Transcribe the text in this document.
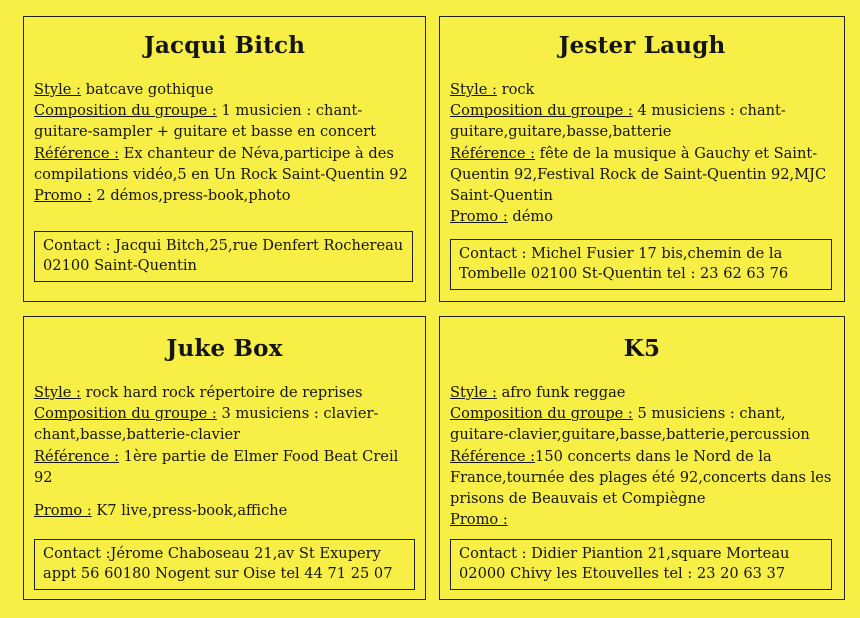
Jacqui Bitch

Style : batcave gothique

Composition du groupe : 1 musicien : chant-guitare-sampler + guitare et basse en concert

Référence : Ex chanteur de Néva,participe à des compilations vidéo,5 en Un Rock Saint-Quentin 92

Promo : 2 démos,press-book,photo

Contact : Jacqui Bitch,25,rue Denfert Rochereau 02100 Saint-Quentin
Jester Laugh

Style : rock

Composition du groupe : 4 musiciens : chant-guitare,guitare,basse,batterie

Référence : fête de la musique à Gauchy et Saint-Quentin 92,Festival Rock de Saint-Quentin 92,MJC Saint-Quentin

Promo : démo

Contact : Michel Fusier 17 bis,chemin de la Tombelle 02100 St-Quentin tel : 23 62 63 76
Juke Box

Style : rock hard rock répertoire de reprises

Composition du groupe : 3 musiciens : clavier-chant,basse,batterie-clavier

Référence : 1ère partie de Elmer Food Beat Creil 92

Promo : K7 live,press-book,affiche

Contact :Jérome Chaboseau 21,av St Exupery appt 56 60180 Nogent sur Oise tel 44 71 25 07
K5

Style : afro funk reggae

Composition du groupe : 5 musiciens : chant, guitare-clavier,guitare,basse,batterie,percussion

Référence :150 concerts dans le Nord de la France,tournée des plages été 92,concerts dans les prisons de Beauvais et Compiègne

Promo :

Contact : Didier Piantion 21,square Morteau 02000 Chivy les Etouvelles tel : 23 20 63 37
